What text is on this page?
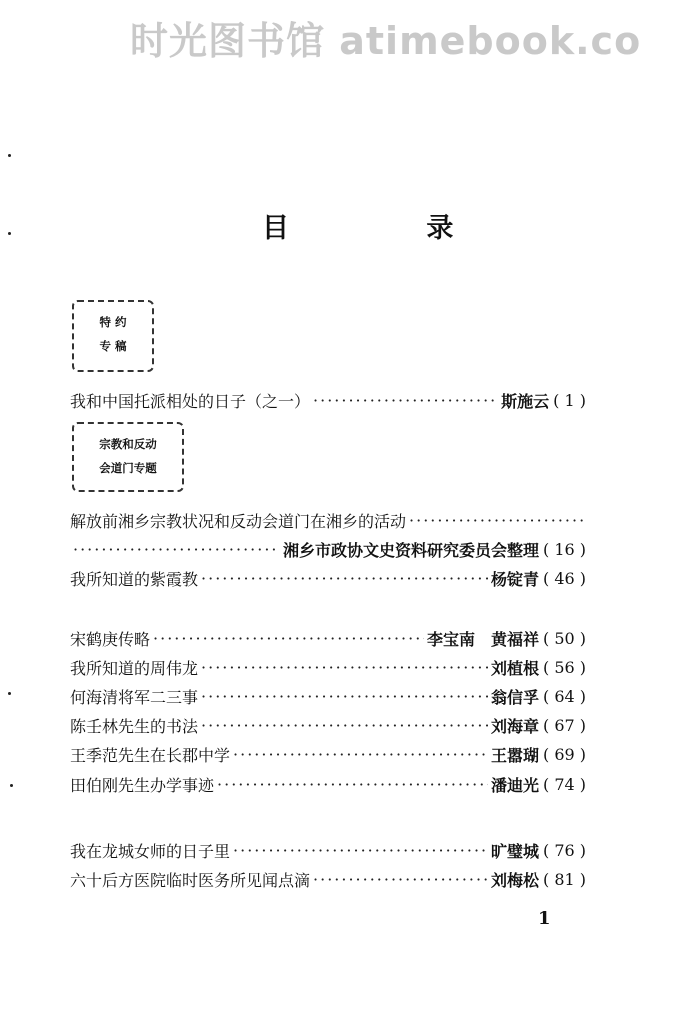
时光图书馆 atimebook.co
目 录
特 约
专 稿
我和中国托派相处的日子（之一） ·····	斯施云 ( 1 )
宗教和反动
会道门专题
解放前湘乡宗教状况和反动会道门在湘乡的活动
·····
·····
湘乡市政协文史资料研究委员会整理 ( 16 )
我所知道的紫霞教 ·····	杨锭青 ( 46 )
宋鹤庚传略 ·····	李宝南　黄福祥 ( 50 )
我所知道的周伟龙 ·····	刘植根 ( 56 )
何海清将军二三事 ·····	翁信孚 ( 64 )
陈壬林先生的书法 ·····	刘海章 ( 67 )
王季范先生在长郡中学 ·····	王嚣瑚 ( 69 )
田伯刚先生办学事迹 ·····	潘迪光 ( 74 )
我在龙城女师的日子里 ·····	旷璧城 ( 76 )
六十后方医院临时医务所见闻点滴 ·····	刘梅松 ( 81 )
1
